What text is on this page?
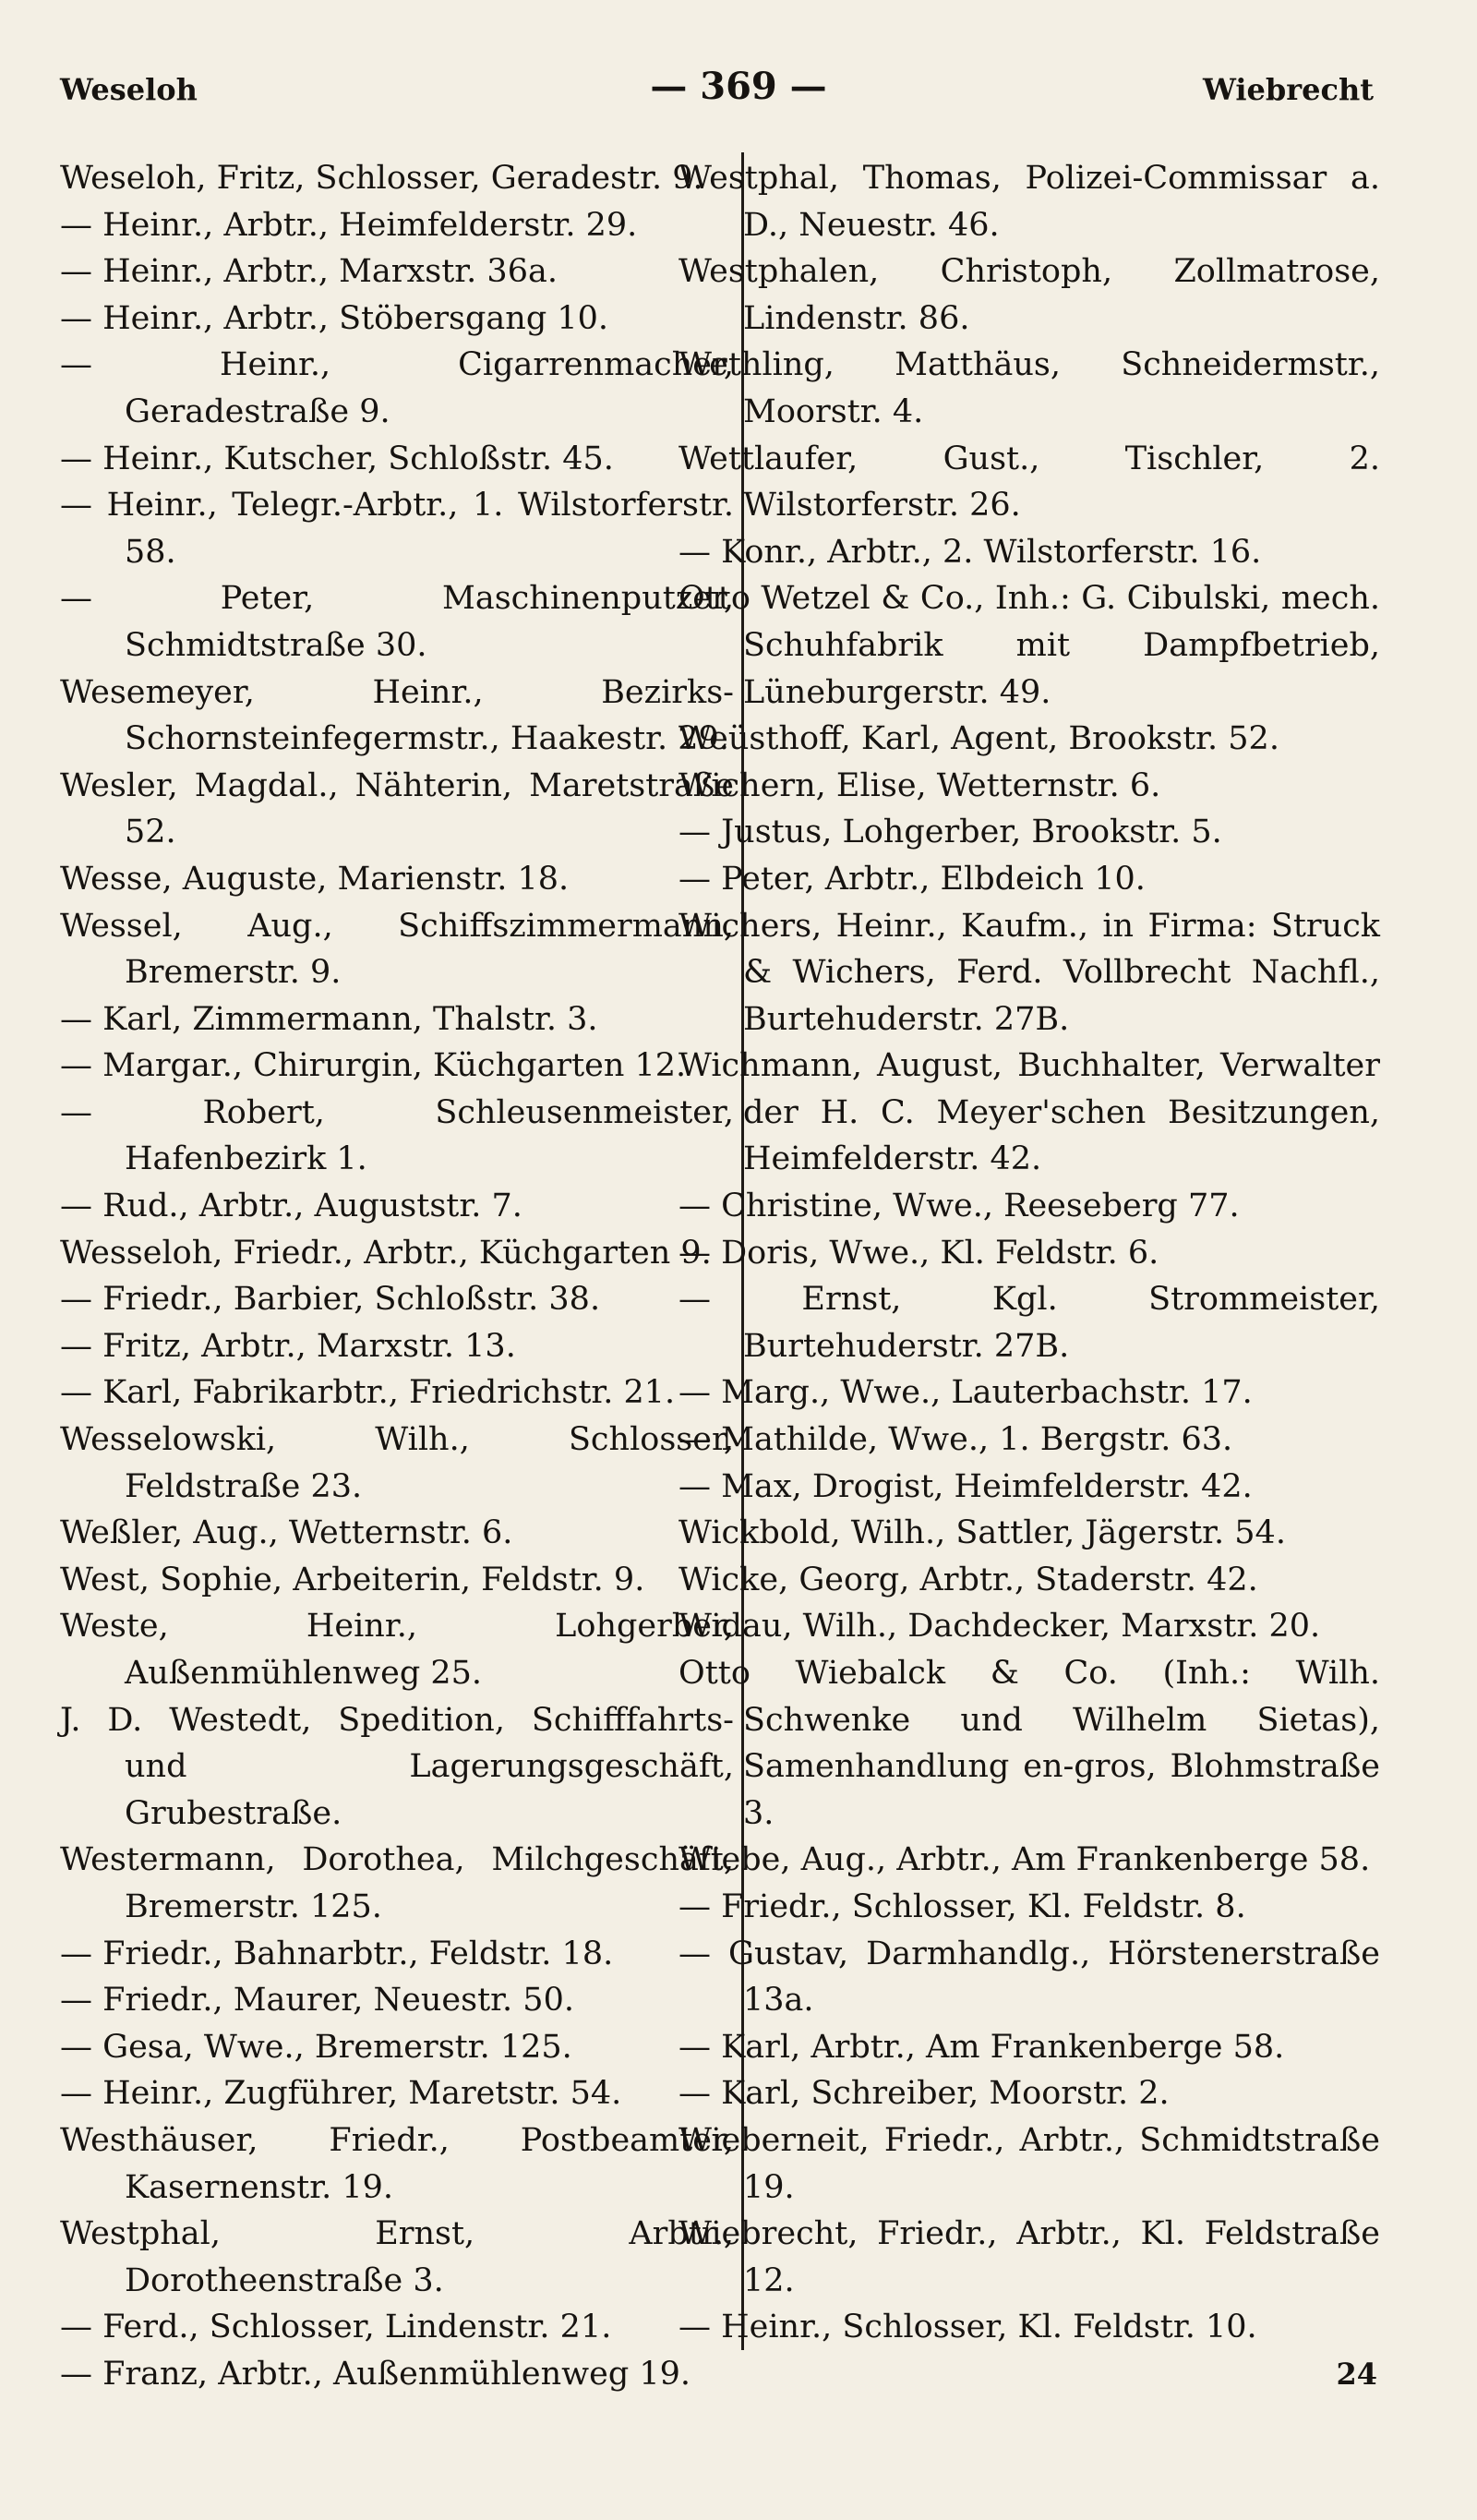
Weseloh	— 369 —	Wiebrecht

Weseloh, Fritz, Schlosser, Geradestr. 9.

— Heinr., Arbtr., Heimfelderstr. 29.

— Heinr., Arbtr., Marxstr. 36a.

— Heinr., Arbtr., Stöbersgang 10.

— Heinr., Cigarrenmacher, Geradestraße 9.

— Heinr., Kutscher, Schloßstr. 45.

— Heinr., Telegr.-Arbtr., 1. Wilstorferstr. 58.

— Peter, Maschinenputzer, Schmidtstraße 30.

Wesemeyer, Heinr., Bezirks-Schornsteinfegermstr., Haakestr. 29.

Wesler, Magdal., Nähterin, Maretstraße 52.

Wesse, Auguste, Marienstr. 18.

Wessel, Aug., Schiffszimmermann, Bremerstr. 9.

— Karl, Zimmermann, Thalstr. 3.

— Margar., Chirurgin, Küchgarten 12.

— Robert, Schleusenmeister, Hafenbezirk 1.

— Rud., Arbtr., Auguststr. 7.

Wesseloh, Friedr., Arbtr., Küchgarten 9.

— Friedr., Barbier, Schloßstr. 38.

— Fritz, Arbtr., Marxstr. 13.

— Karl, Fabrikarbtr., Friedrichstr. 21.

Wesselowski, Wilh., Schlosser, Feldstraße 23.

Weßler, Aug., Wetternstr. 6.

West, Sophie, Arbeiterin, Feldstr. 9.

Weste, Heinr., Lohgerber, Außenmühlenweg 25.

J. D. Westedt, Spedition, Schifffahrts- und Lagerungsgeschäft, Grubestraße.

Westermann, Dorothea, Milchgeschäft, Bremerstr. 125.

— Friedr., Bahnarbtr., Feldstr. 18.

— Friedr., Maurer, Neuestr. 50.

— Gesa, Wwe., Bremerstr. 125.

— Heinr., Zugführer, Maretstr. 54.

Westhäuser, Friedr., Postbeamter, Kasernenstr. 19.

Westphal, Ernst, Arbtr., Dorotheenstraße 3.

— Ferd., Schlosser, Lindenstr. 21.

— Franz, Arbtr., Außenmühlenweg 19.

Westphal, Thomas, Polizei-Commissar a. D., Neuestr. 46.

Westphalen, Christoph, Zollmatrose, Lindenstr. 86.

Wethling, Matthäus, Schneidermstr., Moorstr. 4.

Wettlaufer, Gust., Tischler, 2. Wilstorferstr. 26.

— Konr., Arbtr., 2. Wilstorferstr. 16.

Otto Wetzel & Co., Inh.: G. Cibulski, mech. Schuhfabrik mit Dampfbetrieb, Lüneburgerstr. 49.

Weüsthoff, Karl, Agent, Brookstr. 52.

Wichern, Elise, Wetternstr. 6.

— Justus, Lohgerber, Brookstr. 5.

— Peter, Arbtr., Elbdeich 10.

Wichers, Heinr., Kaufm., in Firma: Struck & Wichers, Ferd. Vollbrecht Nachfl., Burtehuderstr. 27B.

Wichmann, August, Buchhalter, Verwalter der H. C. Meyer'schen Besitzungen, Heimfelderstr. 42.

— Christine, Wwe., Reeseberg 77.

— Doris, Wwe., Kl. Feldstr. 6.

— Ernst, Kgl. Strommeister, Burtehuderstr. 27B.

— Marg., Wwe., Lauterbachstr. 17.

— Mathilde, Wwe., 1. Bergstr. 63.

— Max, Drogist, Heimfelderstr. 42.

Wickbold, Wilh., Sattler, Jägerstr. 54.

Wicke, Georg, Arbtr., Staderstr. 42.

Widau, Wilh., Dachdecker, Marxstr. 20.

Otto Wiebalck & Co. (Inh.: Wilh. Schwenke und Wilhelm Sietas), Samenhandlung en-gros, Blohmstraße 3.

Wiebe, Aug., Arbtr., Am Frankenberge 58.

— Friedr., Schlosser, Kl. Feldstr. 8.

— Gustav, Darmhandlg., Hörstenerstraße 13a.

— Karl, Arbtr., Am Frankenberge 58.

— Karl, Schreiber, Moorstr. 2.

Wieberneit, Friedr., Arbtr., Schmidtstraße 19.

Wiebrecht, Friedr., Arbtr., Kl. Feldstraße 12.

— Heinr., Schlosser, Kl. Feldstr. 10.

24
